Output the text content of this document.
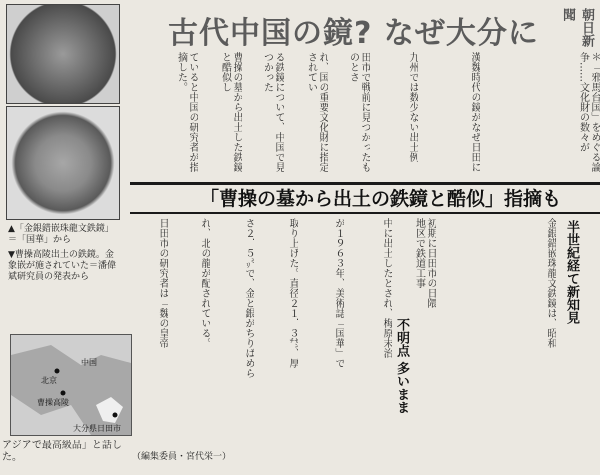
朝日新聞
古代中国の鏡? なぜ大分に
▲「金銀錯嵌珠龍文鉄鏡」＝「国華」から
▼曹操高陵出土の鉄鏡。金象嵌が施されていた＝潘偉斌研究員の発表から
中国
北京
曹操高陵
大分県日田市
「曹操の墓から出土の鉄鏡と酷似」指摘も
半世紀経て新知見
不明点 多いまま
＊「邪馬台国」をめぐる論争……文化財の数々が
漢魏時代の鏡がなぜ日田に
九州では数少ない出土例
田市で戦前に見つかったものとさ
れ、国の重要文化財に指定されてい
る鉄鏡について、中国で見つかった
曹操の墓から出土した鉄鏡と酷似し
ていると中国の研究者が指摘した。
金銀錯嵌珠龍文鉄鏡は、昭和
初期に日田市の日隈地区で鉄道工事
中に出土したとされ、梅原末治
が１９６３年、美術誌「国華」で
取り上げた。直径２１．３㌢、厚
さ２．５㍉で、金と銀がちりばめら
れ、北の龍が配されている。
日田市の研究者は「魏の皇帝
アジアで最高級品」と話した。	（編集委員・宮代栄一）
